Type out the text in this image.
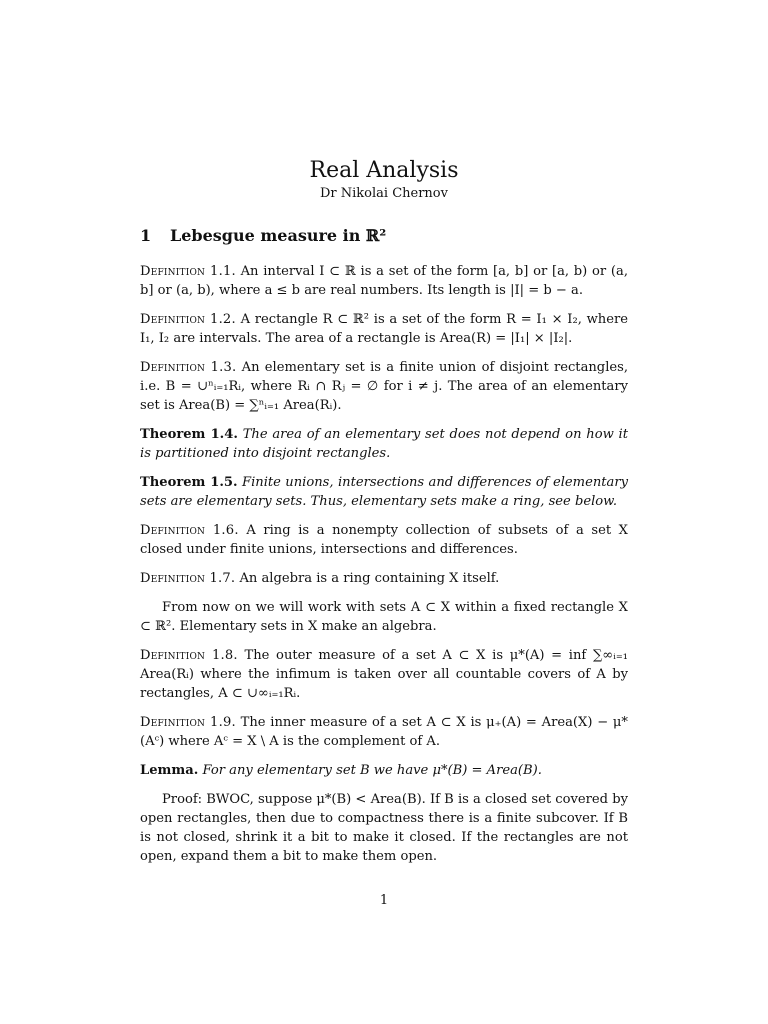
Real Analysis
Dr Nikolai Chernov
1 Lebesgue measure in ℝ²

Definition 1.1. An interval I ⊂ ℝ is a set of the form [a, b] or [a, b) or (a, b] or (a, b), where a ≤ b are real numbers. Its length is |I| = b − a.

Definition 1.2. A rectangle R ⊂ ℝ² is a set of the form R = I₁ × I₂, where I₁, I₂ are intervals. The area of a rectangle is Area(R) = |I₁| × |I₂|.

Definition 1.3. An elementary set is a finite union of disjoint rectangles, i.e. B = ∪ⁿᵢ₌₁Rᵢ, where Rᵢ ∩ Rⱼ = ∅ for i ≠ j. The area of an elementary set is Area(B) = ∑ⁿᵢ₌₁ Area(Rᵢ).

Theorem 1.4. The area of an elementary set does not depend on how it is partitioned into disjoint rectangles.

Theorem 1.5. Finite unions, intersections and differences of elementary sets are elementary sets. Thus, elementary sets make a ring, see below.

Definition 1.6. A ring is a nonempty collection of subsets of a set X closed under finite unions, intersections and differences.

Definition 1.7. An algebra is a ring containing X itself.

From now on we will work with sets A ⊂ X within a fixed rectangle X ⊂ ℝ². Elementary sets in X make an algebra.

Definition 1.8. The outer measure of a set A ⊂ X is μ*(A) = inf ∑∞ᵢ₌₁ Area(Rᵢ) where the infimum is taken over all countable covers of A by rectangles, A ⊂ ∪∞ᵢ₌₁Rᵢ.

Definition 1.9. The inner measure of a set A ⊂ X is μ₊(A) = Area(X) − μ*(Aᶜ) where Aᶜ = X \ A is the complement of A.

Lemma. For any elementary set B we have μ*(B) = Area(B).

Proof: BWOC, suppose μ*(B) < Area(B). If B is a closed set covered by open rectangles, then due to compactness there is a finite subcover. If B is not closed, shrink it a bit to make it closed. If the rectangles are not open, expand them a bit to make them open.

1
